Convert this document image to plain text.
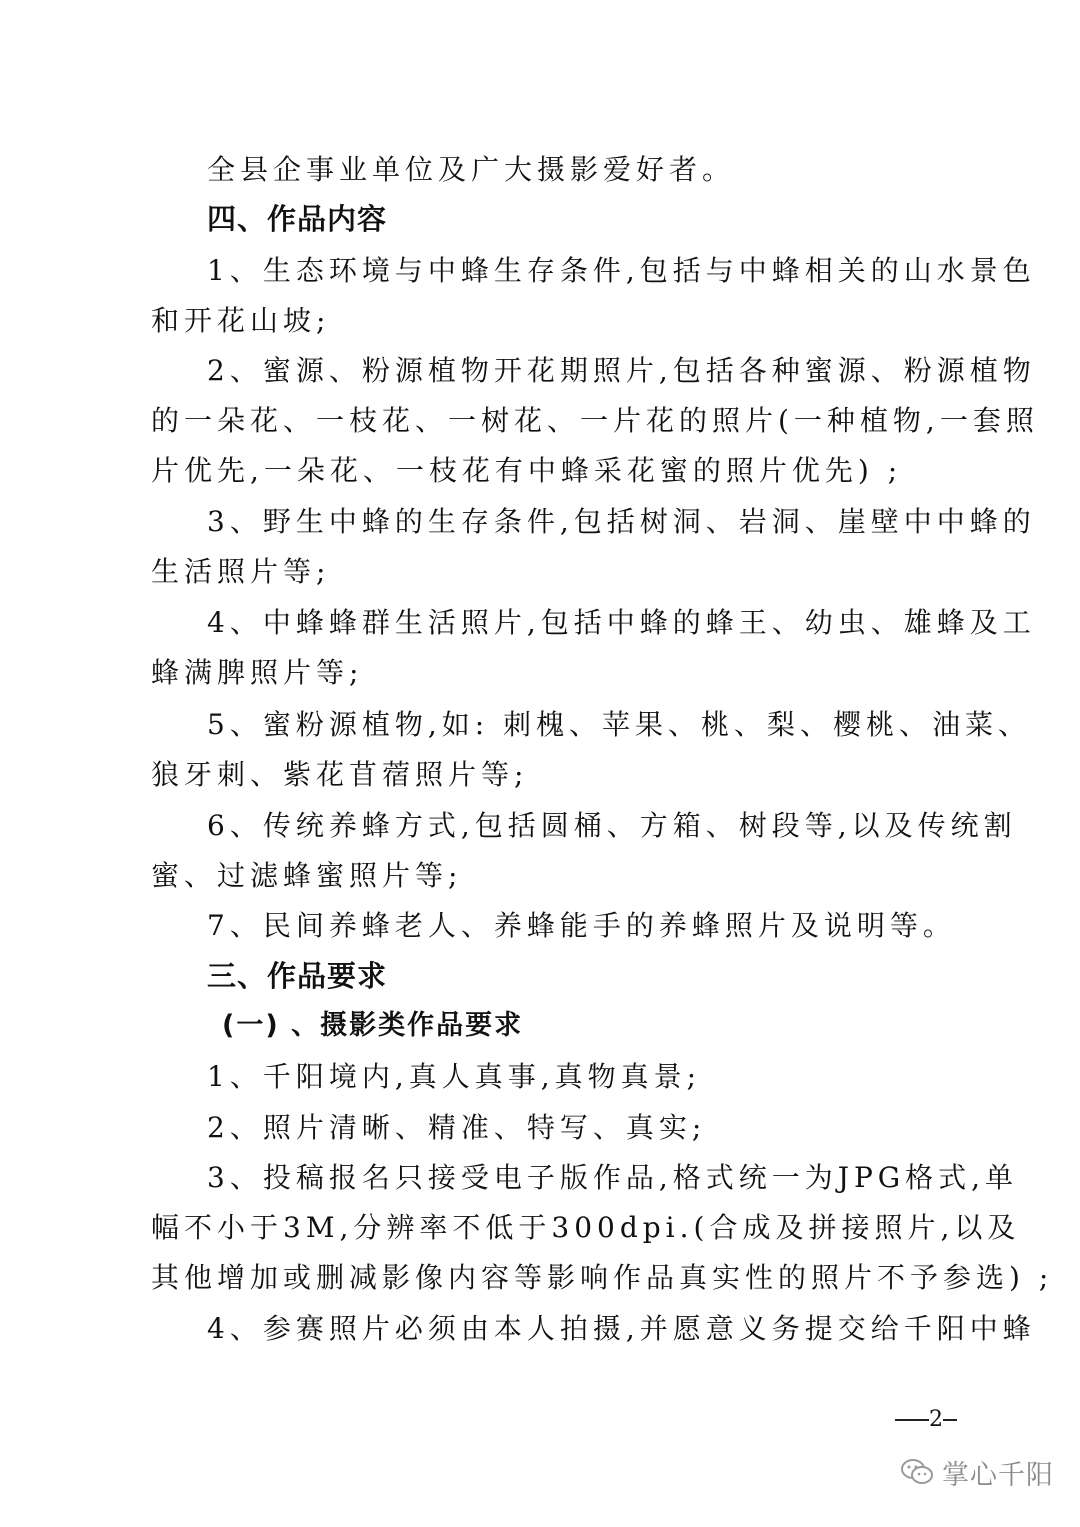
全县企事业单位及广大摄影爱好者。
四、作品内容
1、生态环境与中蜂生存条件,包括与中蜂相关的山水景色
和开花山坡;
2、蜜源、粉源植物开花期照片,包括各种蜜源、粉源植物
的一朵花、一枝花、一树花、一片花的照片(一种植物,一套照
片优先,一朵花、一枝花有中蜂采花蜜的照片优先) ;
3、野生中蜂的生存条件,包括树洞、岩洞、崖壁中中蜂的
生活照片等;
4、中蜂蜂群生活照片,包括中蜂的蜂王、幼虫、雄蜂及工
蜂满脾照片等;
5、蜜粉源植物,如: 刺槐、苹果、桃、梨、樱桃、油菜、
狼牙刺、紫花苜蓿照片等;
6、传统养蜂方式,包括圆桶、方箱、树段等,以及传统割
蜜、过滤蜂蜜照片等;
7、民间养蜂老人、养蜂能手的养蜂照片及说明等。
三、作品要求
(一) 、摄影类作品要求
1、千阳境内,真人真事,真物真景;
2、照片清晰、精准、特写、真实;
3、投稿报名只接受电子版作品,格式统一为JPG格式,单
幅不小于3M,分辨率不低于300dpi.(合成及拼接照片,以及
其他增加或删减影像内容等影响作品真实性的照片不予参选) ;
4、参赛照片必须由本人拍摄,并愿意义务提交给千阳中蜂
2
掌心千阳
